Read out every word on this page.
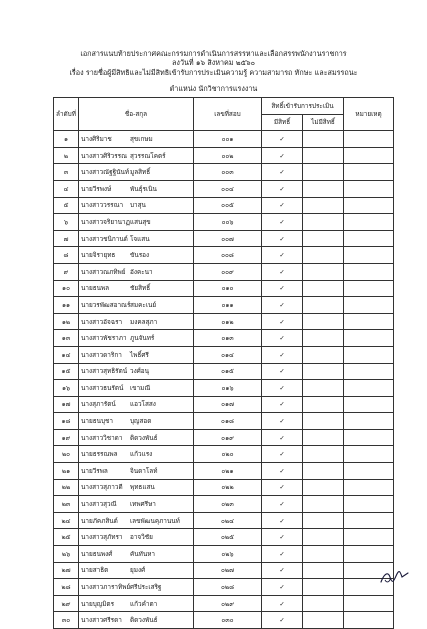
เอกสารแนบท้ายประกาศคณะกรรมการดำเนินการสรรหาและเลือกสรรพนักงานราชการ
ลงวันที่ ๑๖ สิงหาคม ๒๕๖๐
เรื่อง รายชื่อผู้มีสิทธิและไม่มีสิทธิเข้ารับการประเมินความรู้ ความสามารถ ทักษะ และสมรรถนะ
ตำแหน่ง นักวิชาการแรงงาน
ลำดับที่	ชื่อ-สกุล	เลขที่สอบ	สิทธิ์เข้ารับการประเมิน		หมายเหตุ
			มีสิทธิ์	ไม่มีสิทธิ์	
๑	นางศิริมาช สุขเกษม	๐๐๑	✓		
๒	นางสาวศิริวรรณ สุวรรณโคตร์	๐๐๒	✓		
๓	นางสาวณัฐฐินันท์มูลสิทธิ์	๐๐๓	✓		
๔	นายวีรพงษ์ พันธุ์รเนิน	๐๐๔	✓		
๕	นางสาววรรณา บาสุน	๐๐๕	✓		
๖	นางสาวจริยานาฏแสนสุข	๐๐๖	✓		
๗	นางสาวชนิกานต์ โจแสน	๐๐๗	✓		
๘	นายจิรายุทธ ขันรอง	๐๐๘	✓		
๙	นางสาวณภทิพย์ อังคะนา	๐๐๙	✓		
๑๐	นายธนพล ชัยสิทธิ์	๐๑๐	✓		
๑๑	นายวรพัฒสอาณร์สมคะเนย์	๐๑๑	✓		
๑๒	นางสาวอัจฉรา มงคลสุภา	๐๑๒	✓		
๑๓	นางสาวพัชราภา ภูนจันทร์	๐๑๓	✓		
๑๔	นางสาวดาริกา ไพธิ์ศรี	๐๑๔	✓		
๑๕	นางสาวสุทธิรัตน์ วงศ์อนุ	๐๑๕	✓		
๑๖	นางสาวธนรัตน์ เขามณี	๐๑๖	✓		
๑๗	นางสุภารัตน์ แอวโสสง	๐๑๗	✓		
๑๘	นายธนบุชา บุญสอด	๐๑๘	✓		
๑๙	นางสาววิชาดา ติดวงพันธ์	๐๑๙	✓		
๒๐	นายธรรณพล แก้วแรง	๐๒๐	✓		
๒๑	นายวีรพล จินดาโลท์	๐๒๑	✓		
๒๒	นางสาวสุภาวดี พุทธแสน	๐๒๒	✓		
๒๓	นางสาวสุวณี เทพศรีษา	๐๒๓	✓		
๒๔	นายภัคภสินต์ เลขพัฒนคุภานนท์	๐๒๔	✓		
๒๕	นางสาวสุภัทรา อาจวิชัย	๐๒๕	✓		
๒๖	นายธนพงศ์ คันทันหา	๐๒๖	✓		
๒๗	นายสาธิต ยุมงศ์	๐๒๗	✓		
๒๘	นางสาวภาราทิพย์ศรีประเสริฐ	๐๒๘	✓		
๒๙	นายบุญมิตร แก้วคำตา	๐๒๙	✓		
๓๐	นางสาวศรีรดา ติดวงพันธ์	๐๓๐	✓		
